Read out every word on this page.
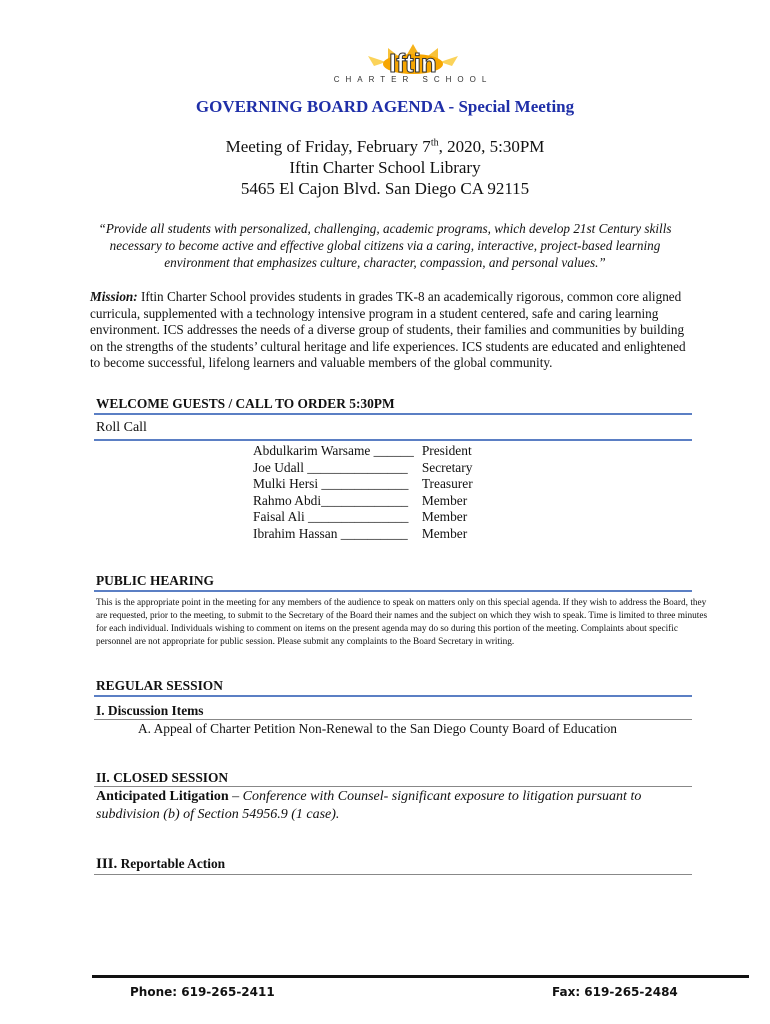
Iftin
CHARTER SCHOOL
GOVERNING BOARD AGENDA - Special Meeting
Meeting of Friday, February 7th, 2020, 5:30PM
Iftin Charter School Library
5465 El Cajon Blvd. San Diego CA 92115
“Provide all students with personalized, challenging, academic programs, which develop 21st Century skills
necessary to become active and effective global citizens via a caring, interactive, project-based learning
environment that emphasizes culture, character, compassion, and personal values.”
Mission: Iftin Charter School provides students in grades TK-8 an academically rigorous, common core aligned curricula, supplemented with a technology intensive program in a student centered, safe and caring learning environment. ICS addresses the needs of a diverse group of students, their families and communities by building on the strengths of the students’ cultural heritage and life experiences. ICS students are educated and enlightened to become successful, lifelong learners and valuable members of the global community.
WELCOME GUESTS / CALL TO ORDER 5:30PM
Roll Call
Abdulkarim Warsame ______	President
Joe Udall _______________	Secretary
Mulki Hersi _____________	Treasurer
Rahmo Abdi_____________	Member
Faisal Ali _______________	Member
Ibrahim Hassan __________	Member
PUBLIC HEARING
This is the appropriate point in the meeting for any members of the audience to speak on matters only on this special agenda. If they wish to address the Board, they are requested, prior to the meeting, to submit to the Secretary of the Board their names and the subject on which they wish to speak. Time is limited to three minutes for each individual. Individuals wishing to comment on items on the present agenda may do so during this portion of the meeting. Complaints about specific personnel are not appropriate for public session. Please submit any complaints to the Board Secretary in writing.
REGULAR SESSION
I. Discussion Items
A. Appeal of Charter Petition Non-Renewal to the San Diego County Board of Education
II. CLOSED SESSION
Anticipated Litigation – Conference with Counsel- significant exposure to litigation pursuant to subdivision (b) of Section 54956.9 (1 case).
III. Reportable Action
Phone: 619-265-2411	Fax: 619-265-2484
